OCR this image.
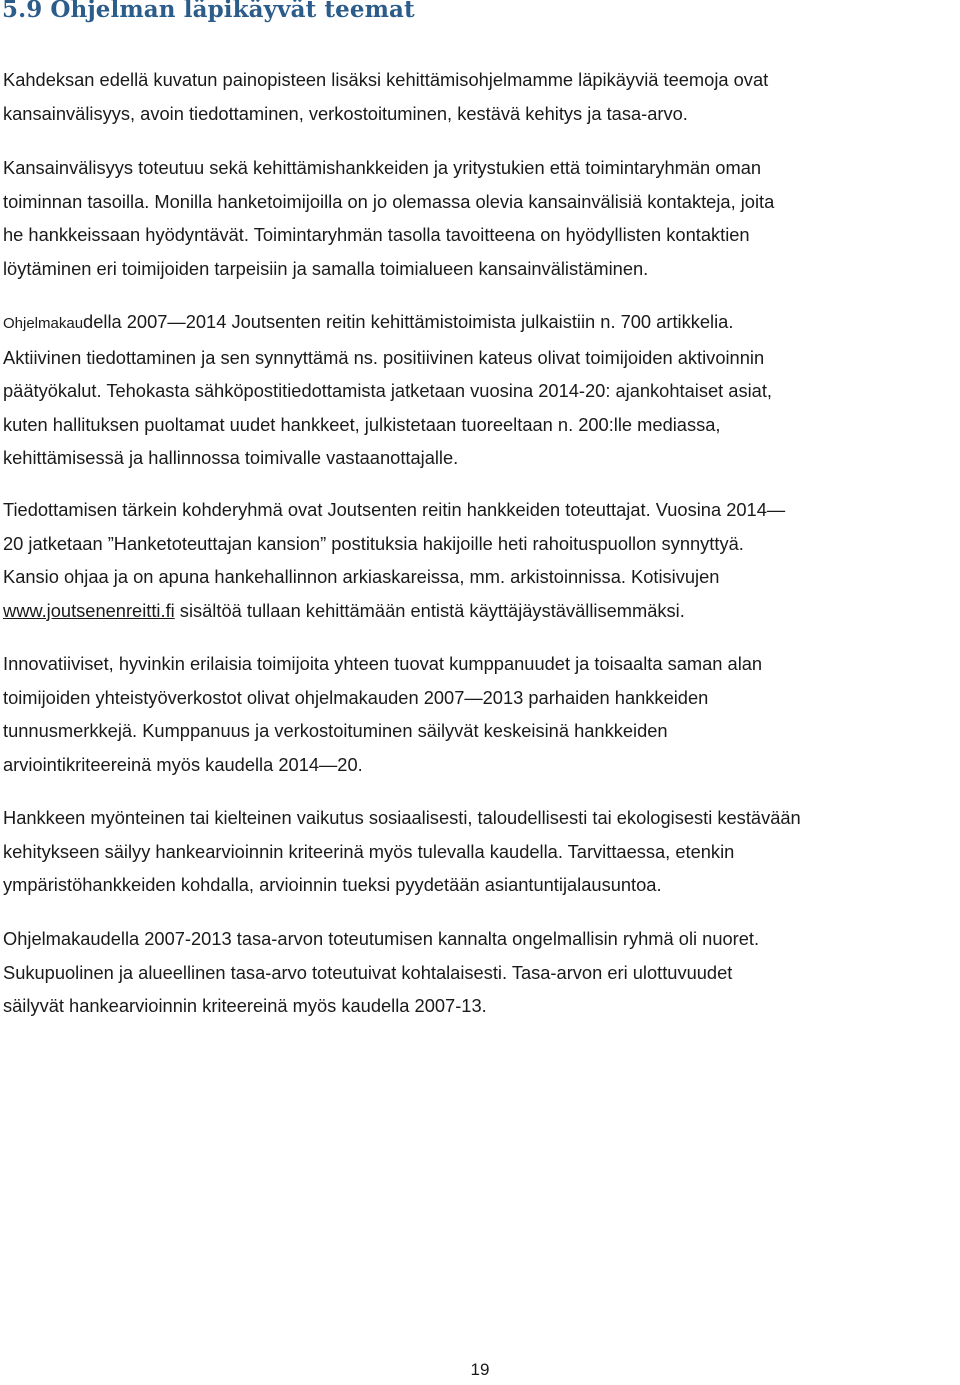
5.9 Ohjelman läpikäyvät teemat

Kahdeksan edellä kuvatun painopisteen lisäksi kehittämisohjelmamme läpikäyviä teemoja ovat
kansainvälisyys, avoin tiedottaminen, verkostoituminen, kestävä kehitys ja tasa-arvo.

Kansainvälisyys toteutuu sekä kehittämishankkeiden ja yritystukien että toimintaryhmän oman
toiminnan tasoilla. Monilla hanketoimijoilla on jo olemassa olevia kansainvälisiä kontakteja, joita
he hankkeissaan hyödyntävät. Toimintaryhmän tasolla tavoitteena on hyödyllisten kontaktien
löytäminen eri toimijoiden tarpeisiin ja samalla toimialueen kansainvälistäminen.

Ohjelmakaudella 2007—2014 Joutsenten reitin kehittämistoimista julkaistiin n. 700 artikkelia.
Aktiivinen tiedottaminen ja sen synnyttämä ns. positiivinen kateus olivat toimijoiden aktivoinnin
päätyökalut. Tehokasta sähköpostitiedottamista jatketaan vuosina 2014-20: ajankohtaiset asiat,
kuten hallituksen puoltamat uudet hankkeet, julkistetaan tuoreeltaan n. 200:lle mediassa,
kehittämisessä ja hallinnossa toimivalle vastaanottajalle.

Tiedottamisen tärkein kohderyhmä ovat Joutsenten reitin hankkeiden toteuttajat. Vuosina 2014—
20 jatketaan ”Hanketoteuttajan kansion” postituksia hakijoille heti rahoituspuollon synnyttyä.
Kansio ohjaa ja on apuna hankehallinnon arkiaskareissa, mm. arkistoinnissa. Kotisivujen
www.joutsenenreitti.fi sisältöä tullaan kehittämään entistä käyttäjäystävällisemmäksi.

Innovatiiviset, hyvinkin erilaisia toimijoita yhteen tuovat kumppanuudet ja toisaalta saman alan
toimijoiden yhteistyöverkostot olivat ohjelmakauden 2007—2013 parhaiden hankkeiden
tunnusmerkkejä. Kumppanuus ja verkostoituminen säilyvät keskeisinä hankkeiden
arviointikriteereinä myös kaudella 2014—20.

Hankkeen myönteinen tai kielteinen vaikutus sosiaalisesti, taloudellisesti tai ekologisesti kestävään
kehitykseen säilyy hankearvioinnin kriteerinä myös tulevalla kaudella. Tarvittaessa, etenkin
ympäristöhankkeiden kohdalla, arvioinnin tueksi pyydetään asiantuntijalausuntoa.

Ohjelmakaudella 2007-2013 tasa-arvon toteutumisen kannalta ongelmallisin ryhmä oli nuoret.
Sukupuolinen ja alueellinen tasa-arvo toteutuivat kohtalaisesti. Tasa-arvon eri ulottuvuudet
säilyvät hankearvioinnin kriteereinä myös kaudella 2007-13.

19
